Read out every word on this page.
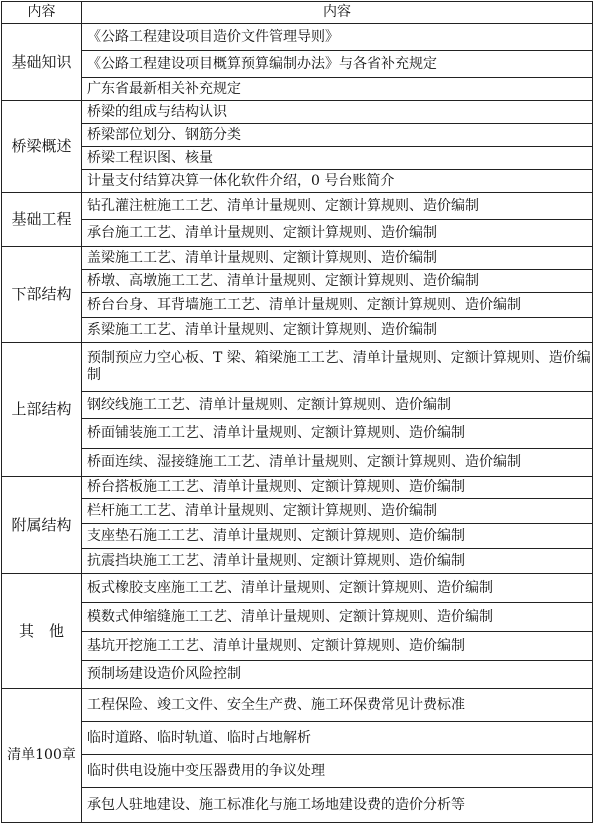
内容	内容
基础知识	《公路工程建设项目造价文件管理导则》
	《公路工程建设项目概算预算编制办法》与各省补充规定
	广东省最新相关补充规定
桥梁概述	桥梁的组成与结构认识
	桥梁部位划分、钢筋分类
	桥梁工程识图、核量
	计量支付结算决算一体化软件介绍，0 号台账简介
基础工程	钻孔灌注桩施工工艺、清单计量规则、定额计算规则、造价编制
	承台施工工艺、清单计量规则、定额计算规则、造价编制
下部结构	盖梁施工工艺、清单计量规则、定额计算规则、造价编制
	桥墩、高墩施工工艺、清单计量规则、定额计算规则、造价编制
	桥台台身、耳背墙施工工艺、清单计量规则、定额计算规则、造价编制
	系梁施工工艺、清单计量规则、定额计算规则、造价编制
上部结构	预制预应力空心板、T 梁、箱梁施工工艺、清单计量规则、定额计算规则、造价编制
	钢绞线施工工艺、清单计量规则、定额计算规则、造价编制
	桥面铺装施工工艺、清单计量规则、定额计算规则、造价编制
	桥面连续、湿接缝施工工艺、清单计量规则、定额计算规则、造价编制
附属结构	桥台搭板施工工艺、清单计量规则、定额计算规则、造价编制
	栏杆施工工艺、清单计量规则、定额计算规则、造价编制
	支座垫石施工工艺、清单计量规则、定额计算规则、造价编制
	抗震挡块施工工艺、清单计量规则、定额计算规则、造价编制
其　他	板式橡胶支座施工工艺、清单计量规则、定额计算规则、造价编制
	模数式伸缩缝施工工艺、清单计量规则、定额计算规则、造价编制
	基坑开挖施工工艺、清单计量规则、定额计算规则、造价编制
	预制场建设造价风险控制
清单100章	工程保险、竣工文件、安全生产费、施工环保费常见计费标准
	临时道路、临时轨道、临时占地解析
	临时供电设施中变压器费用的争议处理
	承包人驻地建设、施工标准化与施工场地建设费的造价分析等
